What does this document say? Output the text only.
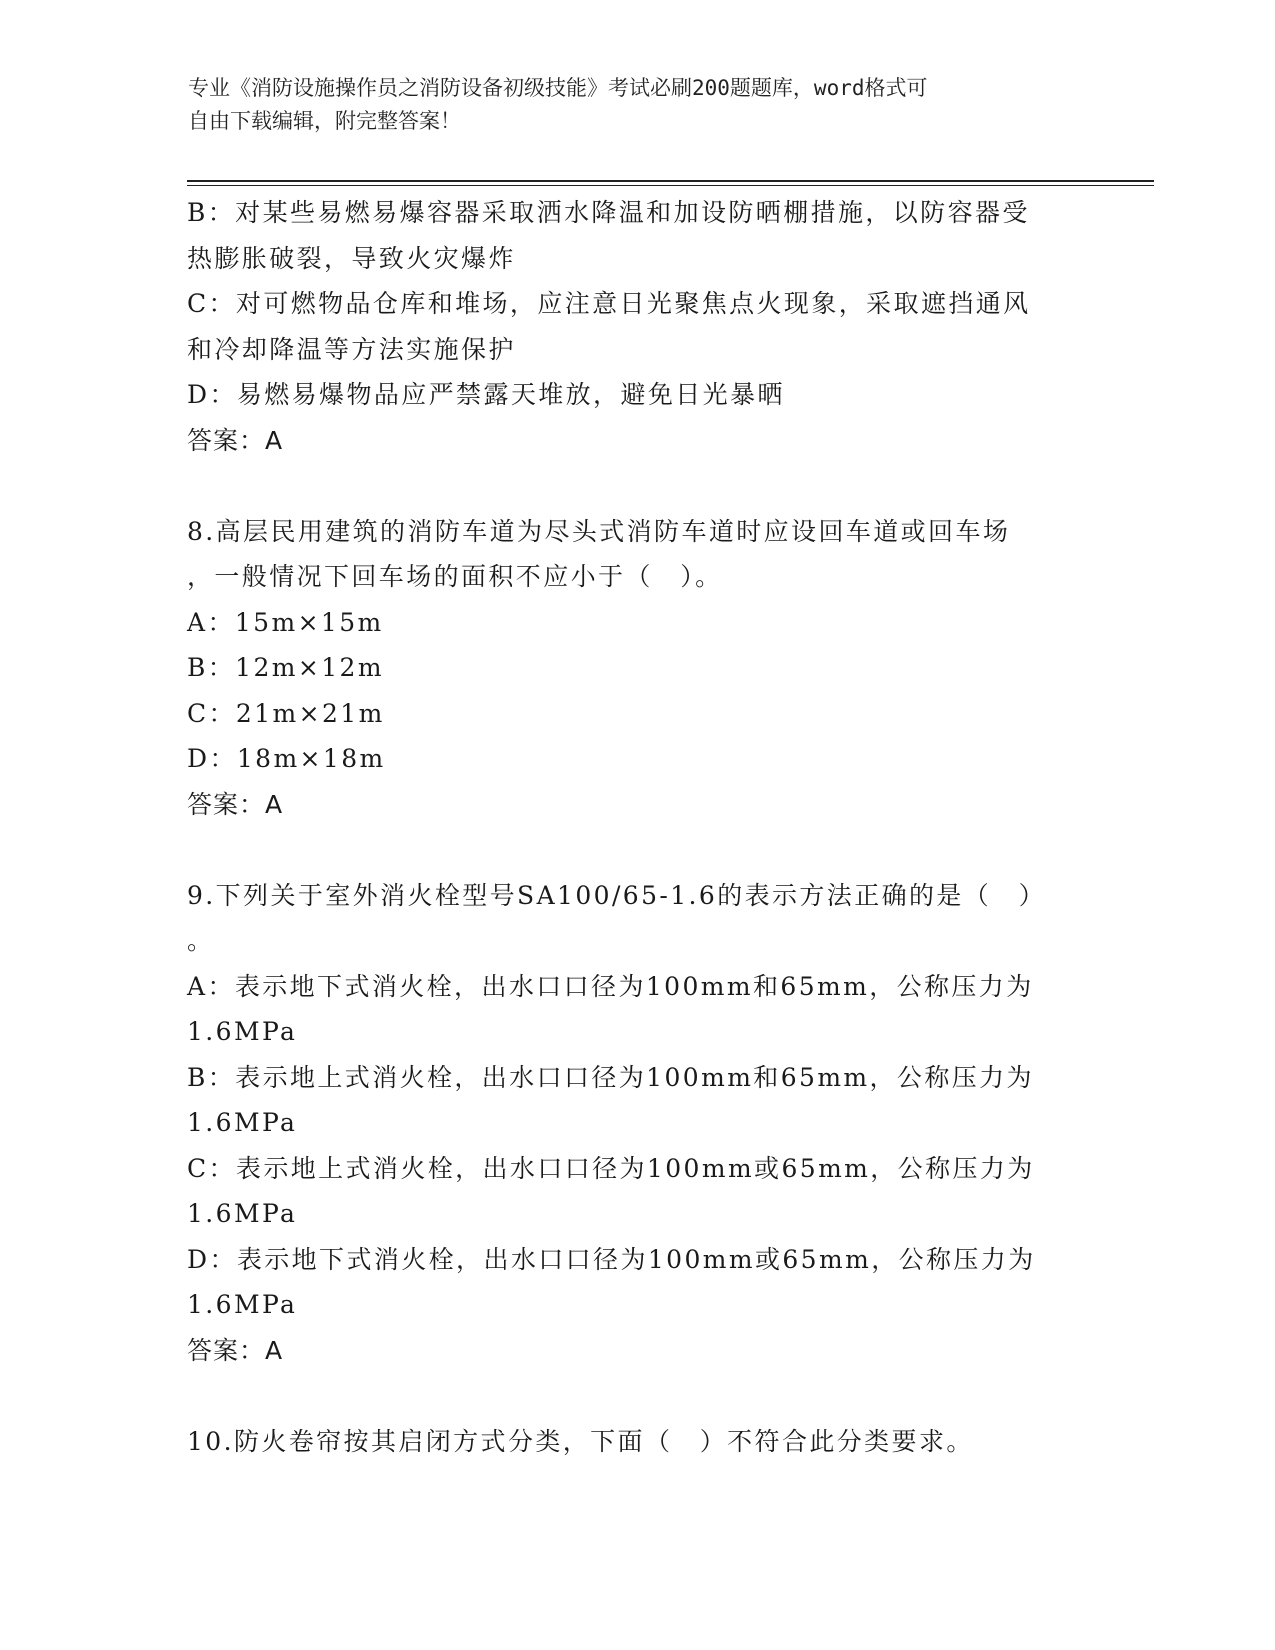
专业《消防设施操作员之消防设备初级技能》考试必刷200题题库，word格式可
自由下载编辑，附完整答案！
B：对某些易燃易爆容器采取洒水降温和加设防晒棚措施，以防容器受
热膨胀破裂，导致火灾爆炸
C：对可燃物品仓库和堆场，应注意日光聚焦点火现象，采取遮挡通风
和冷却降温等方法实施保护
D：易燃易爆物品应严禁露天堆放，避免日光暴晒
答案：A
8.高层民用建筑的消防车道为尽头式消防车道时应设回车道或回车场
，一般情况下回车场的面积不应小于（　）。
A：15m×15m
B：12m×12m
C：21m×21m
D：18m×18m
答案：A
9.下列关于室外消火栓型号SA100/65-1.6的表示方法正确的是（　）
。
A：表示地下式消火栓，出水口口径为100mm和65mm，公称压力为
1.6MPa
B：表示地上式消火栓，出水口口径为100mm和65mm，公称压力为
1.6MPa
C：表示地上式消火栓，出水口口径为100mm或65mm，公称压力为
1.6MPa
D：表示地下式消火栓，出水口口径为100mm或65mm，公称压力为
1.6MPa
答案：A
10.防火卷帘按其启闭方式分类，下面（　）不符合此分类要求。
